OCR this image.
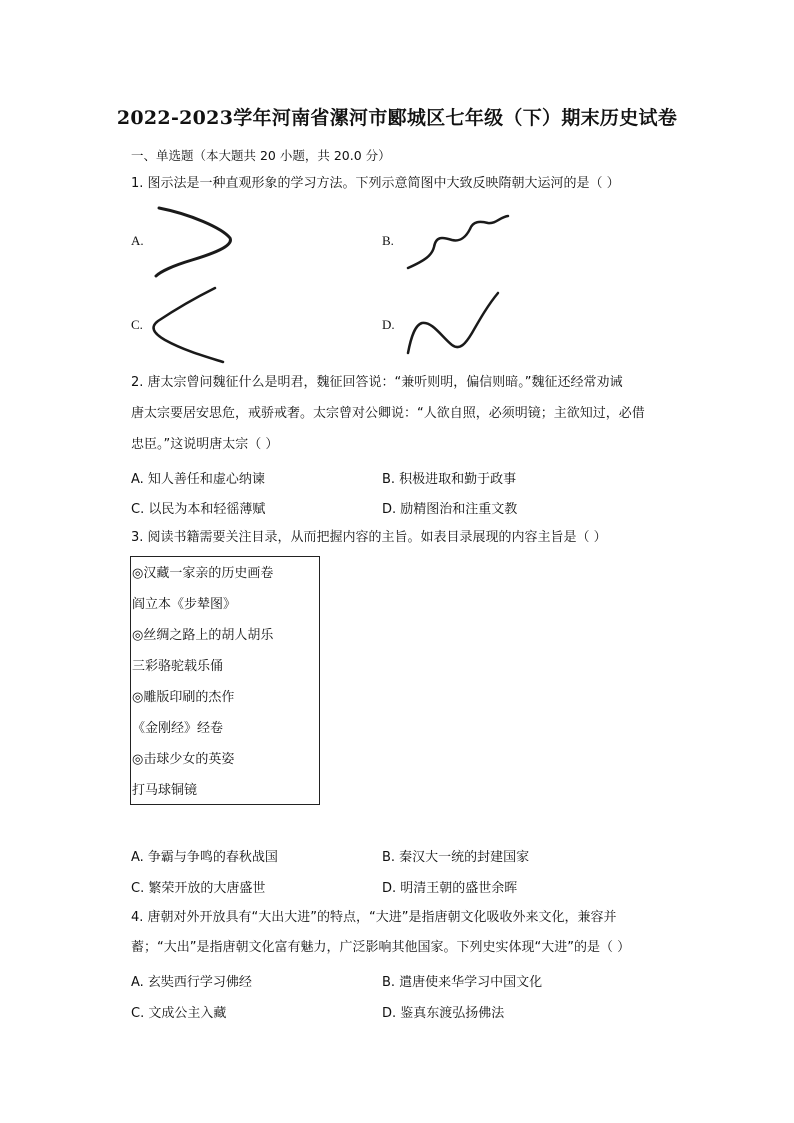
2022-2023学年河南省漯河市郾城区七年级（下）期末历史试卷
一、单选题（本大题共 20 小题，共 20.0 分）
1. 图示法是一种直观形象的学习方法。下列示意简图中大致反映隋朝大运河的是（ ）
A.	B.
C.	D.
2. 唐太宗曾问魏征什么是明君，魏征回答说：“兼听则明，偏信则暗。”魏征还经常劝诫
唐太宗要居安思危，戒骄戒奢。太宗曾对公卿说：“人欲自照，必须明镜；主欲知过，必借
忠臣。”这说明唐太宗（ ）
A. 知人善任和虚心纳谏	B. 积极进取和勤于政事
C. 以民为本和轻徭薄赋	D. 励精图治和注重文教
3. 阅读书籍需要关注目录，从而把握内容的主旨。如表目录展现的内容主旨是（ ）
◎汉藏一家亲的历史画卷
阎立本《步辇图》
◎丝绸之路上的胡人胡乐
三彩骆驼载乐俑
◎雕版印刷的杰作
《金刚经》经卷
◎击球少女的英姿
打马球铜镜
A. 争霸与争鸣的春秋战国	B. 秦汉大一统的封建国家
C. 繁荣开放的大唐盛世	D. 明清王朝的盛世余晖
4. 唐朝对外开放具有“大出大进”的特点，“大进”是指唐朝文化吸收外来文化，兼容并
蓄；“大出”是指唐朝文化富有魅力，广泛影响其他国家。下列史实体现“大进”的是（ ）
A. 玄奘西行学习佛经	B. 遣唐使来华学习中国文化
C. 文成公主入藏	D. 鉴真东渡弘扬佛法
